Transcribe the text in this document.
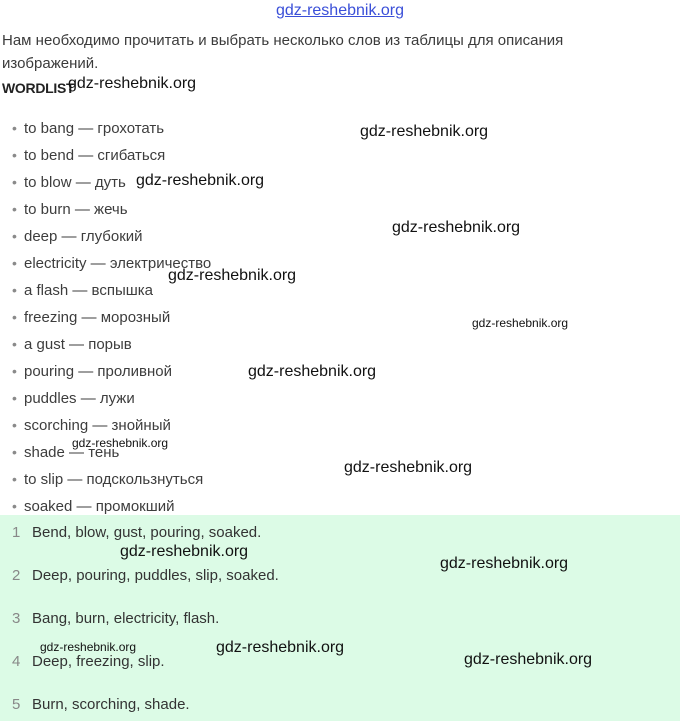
gdz-reshebnik.org
Нам необходимо прочитать и выбрать несколько слов из таблицы для описания изображений.
WORDLIST
• to bang — грохотать
• to bend — сгибаться
• to blow — дуть
• to burn — жечь
• deep — глубокий
• electricity — электричество
• a flash — вспышка
• freezing — морозный
• a gust — порыв
• pouring — проливной
• puddles — лужи
• scorching — знойный
• shade — тень
• to slip — подскользнуться
• soaked — промокший
1 Bend, blow, gust, pouring, soaked.
2 Deep, pouring, puddles, slip, soaked.
3 Bang, burn, electricity, flash.
4 Deep, freezing, slip.
5 Burn, scorching, shade.
gdz-reshebnik.org
gdz-reshebnik.org
gdz-reshebnik.org
gdz-reshebnik.org
gdz-reshebnik.org
gdz-reshebnik.org
gdz-reshebnik.org
gdz-reshebnik.org
gdz-reshebnik.org
gdz-reshebnik.org
gdz-reshebnik.org
gdz-reshebnik.org	gdz-reshebnik.org
gdz-reshebnik.org
